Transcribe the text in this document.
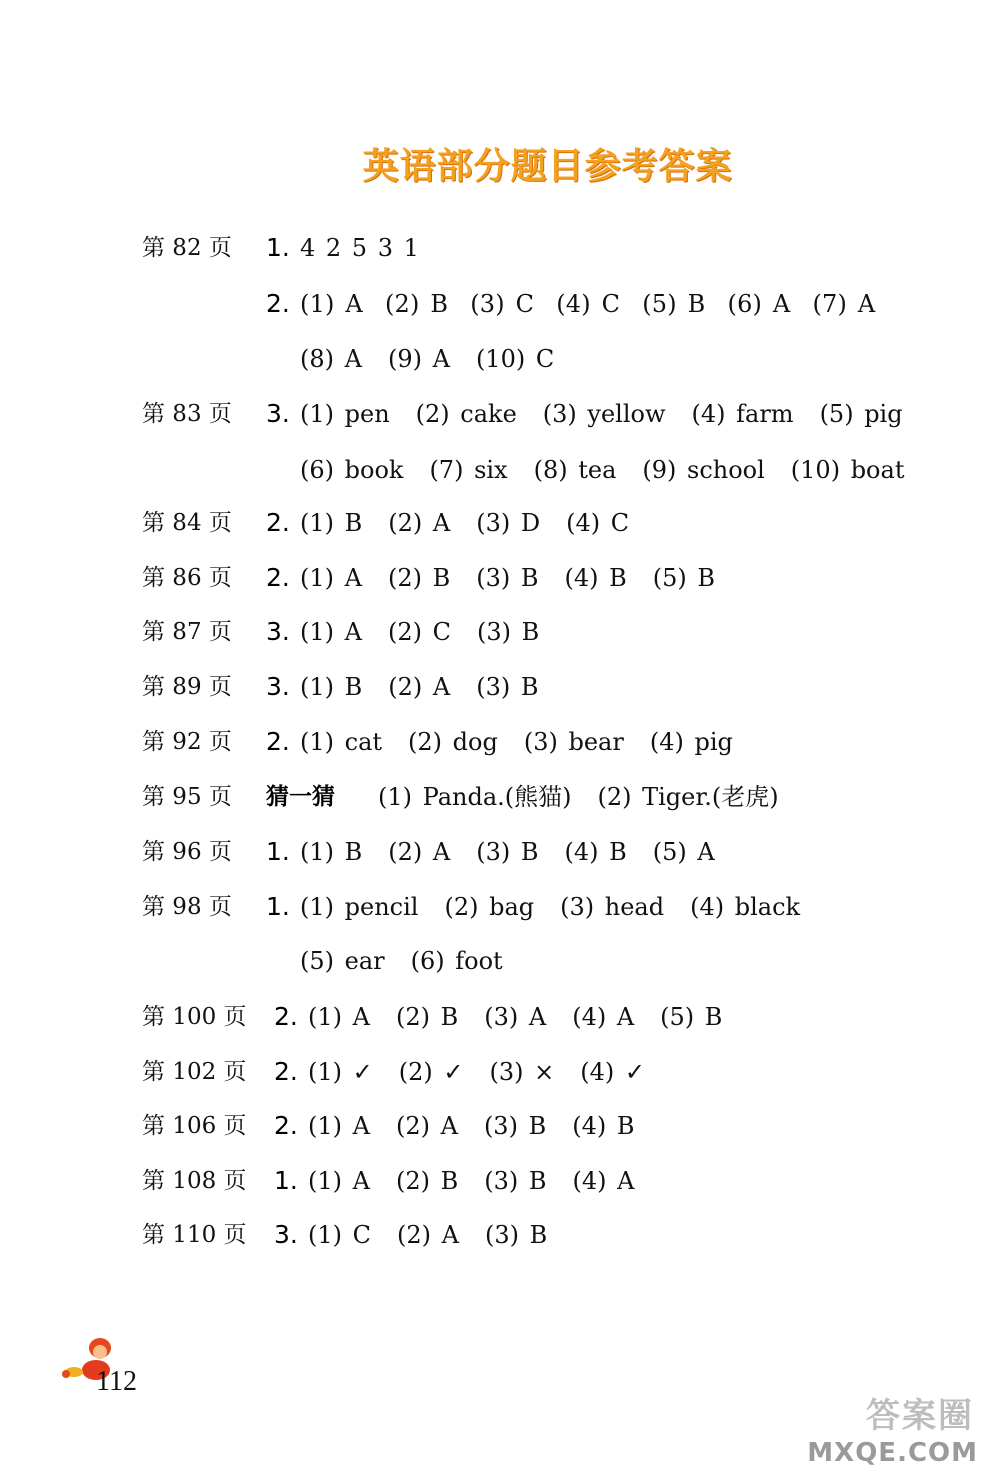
英语部分题目参考答案
第 82 页 1. 4 2 5 3 1
2. (1) A (2) B (3) C (4) C (5) B (6) A (7) A
(8) A (9) A (10) C
第 83 页 3. (1) pen (2) cake (3) yellow (4) farm (5) pig
(6) book (7) six (8) tea (9) school (10) boat
第 84 页 2. (1) B (2) A (3) D (4) C
第 86 页 2. (1) A (2) B (3) B (4) B (5) B
第 87 页 3. (1) A (2) C (3) B
第 89 页 3. (1) B (2) A (3) B
第 92 页 2. (1) cat (2) dog (3) bear (4) pig
第 95 页 猜一猜 (1) Panda.(熊猫) (2) Tiger.(老虎)
第 96 页 1. (1) B (2) A (3) B (4) B (5) A
第 98 页 1. (1) pencil (2) bag (3) head (4) black
(5) ear (6) foot
第 100 页 2. (1) A (2) B (3) A (4) A (5) B
第 102 页 2. (1) ✓ (2) ✓ (3) × (4) ✓
第 106 页 2. (1) A (2) A (3) B (4) B
第 108 页 1. (1) A (2) B (3) B (4) A
第 110 页 3. (1) C (2) A (3) B
112
答案圈
MXQE.COM
